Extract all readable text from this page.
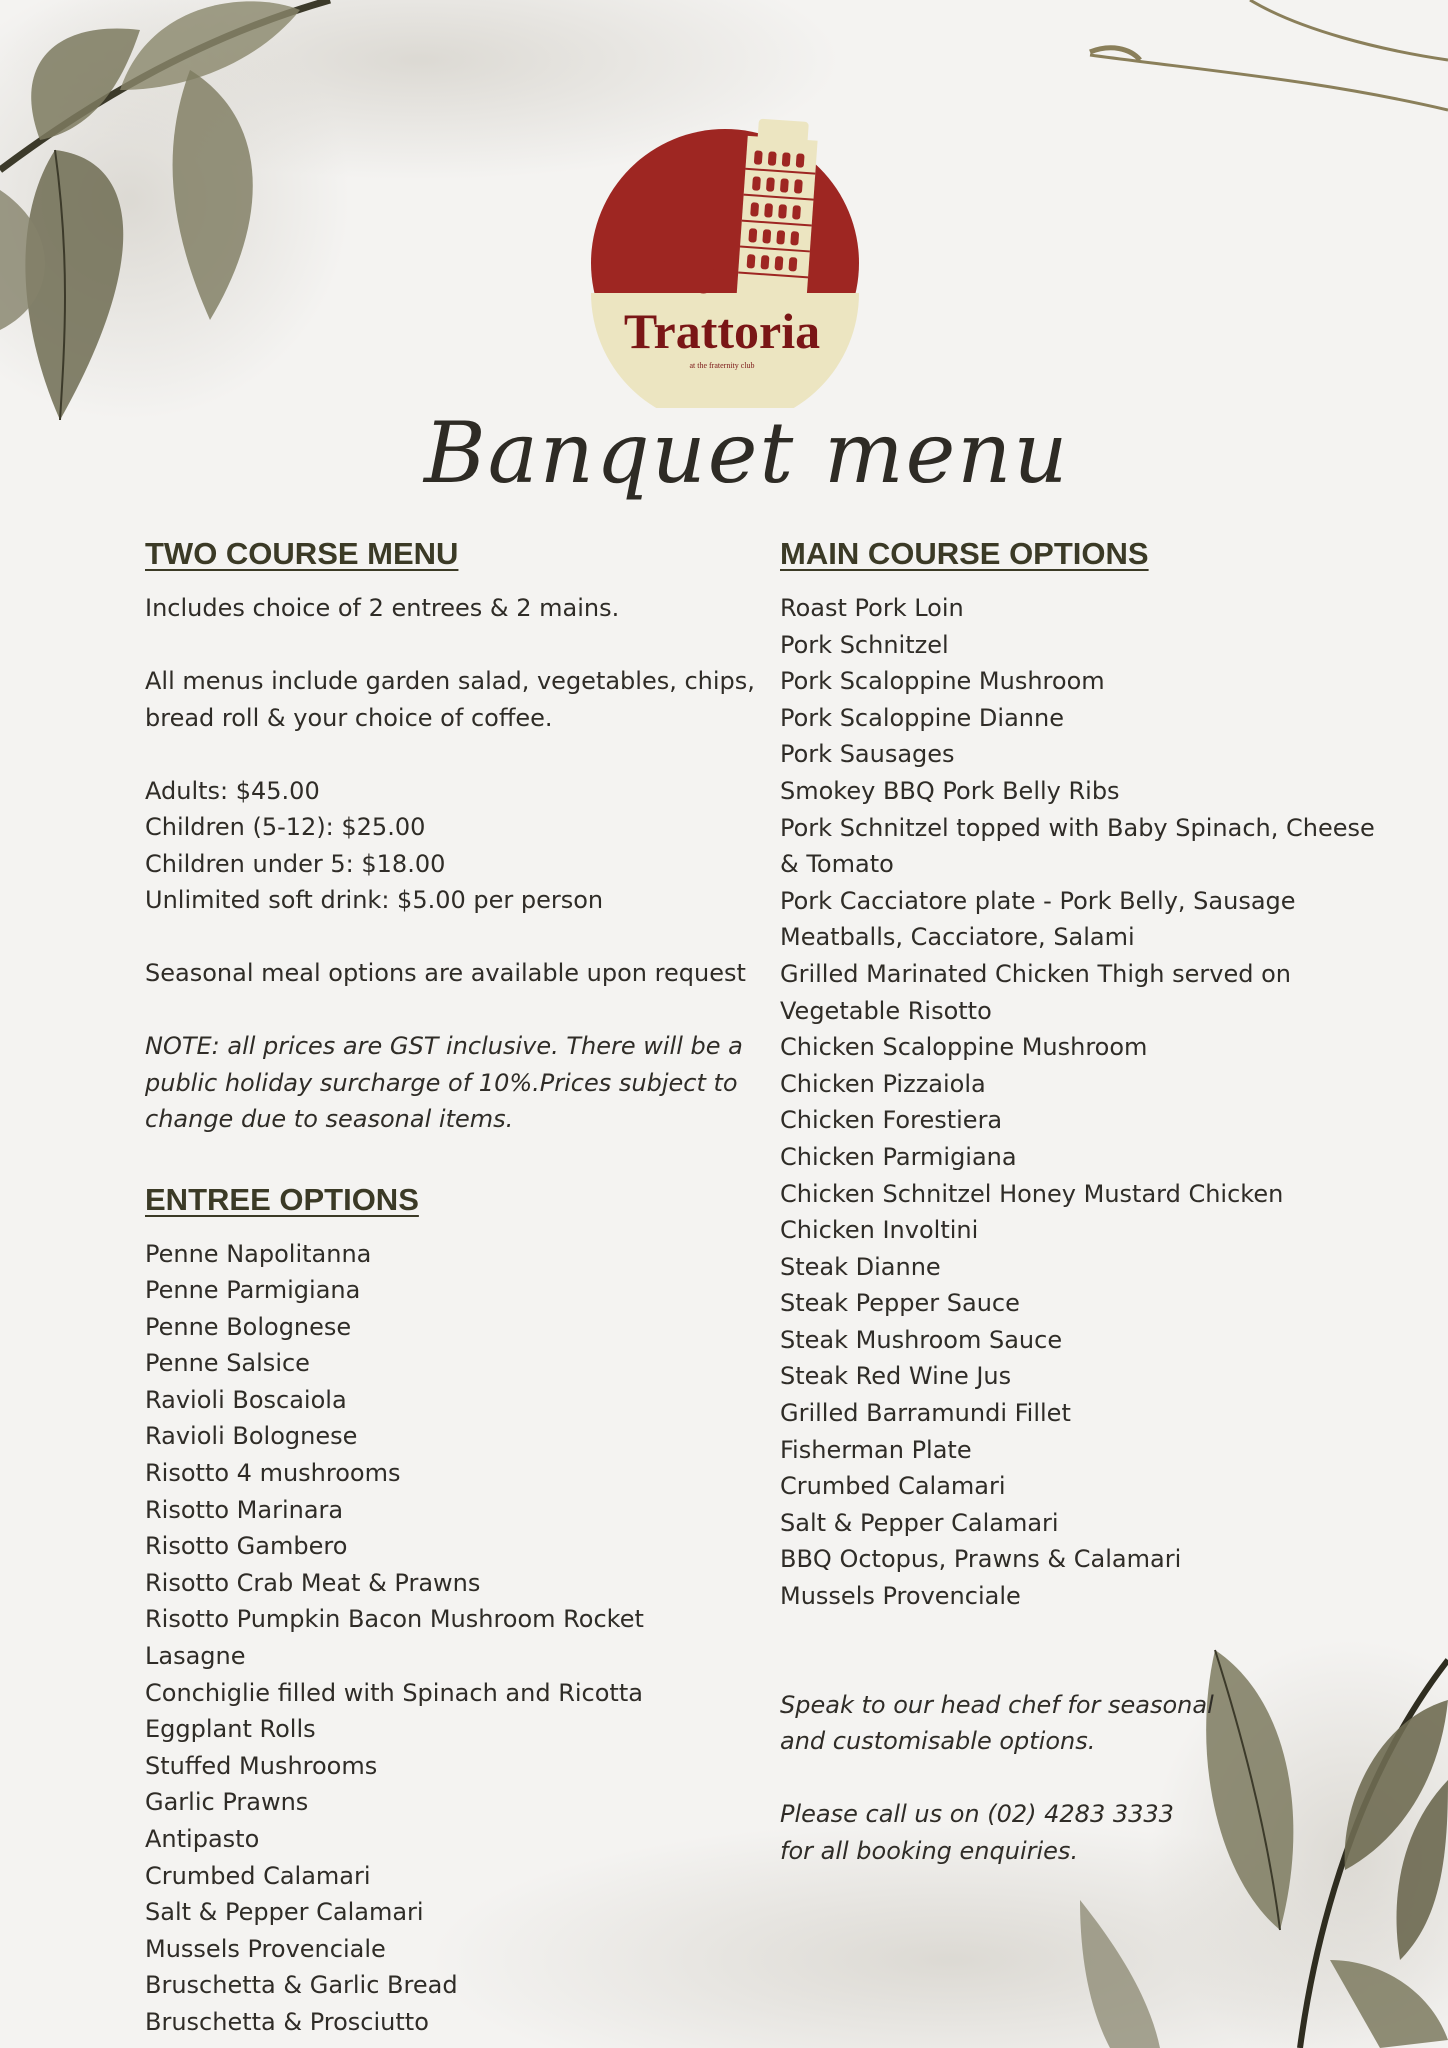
La
Trattoria
at the fraternity club
Banquet menu
TWO COURSE MENU

Includes choice of 2 entrees & 2 mains.

All menus include garden salad, vegetables, chips,

bread roll & your choice of coffee.

Adults: $45.00

Children (5-12): $25.00

Children under 5: $18.00

Unlimited soft drink: $5.00 per person

Seasonal meal options are available upon request

NOTE: all prices are GST inclusive. There will be a

public holiday surcharge of 10%.Prices subject to

change due to seasonal items.

ENTREE OPTIONS
Penne Napolitanna
Penne Parmigiana
Penne Bolognese
Penne Salsice
Ravioli Boscaiola
Ravioli Bolognese
Risotto 4 mushrooms
Risotto Marinara
Risotto Gambero
Risotto Crab Meat & Prawns
Risotto Pumpkin Bacon Mushroom Rocket
Lasagne
Conchiglie filled with Spinach and Ricotta
Eggplant Rolls
Stuffed Mushrooms
Garlic Prawns
Antipasto
Crumbed Calamari
Salt & Pepper Calamari
Mussels Provenciale
Bruschetta & Garlic Bread
Bruschetta & Prosciutto
MAIN COURSE OPTIONS
Roast Pork Loin
Pork Schnitzel
Pork Scaloppine Mushroom
Pork Scaloppine Dianne
Pork Sausages
Smokey BBQ Pork Belly Ribs
Pork Schnitzel topped with Baby Spinach, Cheese
& Tomato
Pork Cacciatore plate - Pork Belly, Sausage
Meatballs, Cacciatore, Salami
Grilled Marinated Chicken Thigh served on
Vegetable Risotto
Chicken Scaloppine Mushroom
Chicken Pizzaiola
Chicken Forestiera
Chicken Parmigiana
Chicken Schnitzel Honey Mustard Chicken
Chicken Involtini
Steak Dianne
Steak Pepper Sauce
Steak Mushroom Sauce
Steak Red Wine Jus
Grilled Barramundi Fillet
Fisherman Plate
Crumbed Calamari
Salt & Pepper Calamari
BBQ Octopus, Prawns & Calamari
Mussels Provenciale

Speak to our head chef for seasonal

and customisable options.

Please call us on (02) 4283 3333

for all booking enquiries.
